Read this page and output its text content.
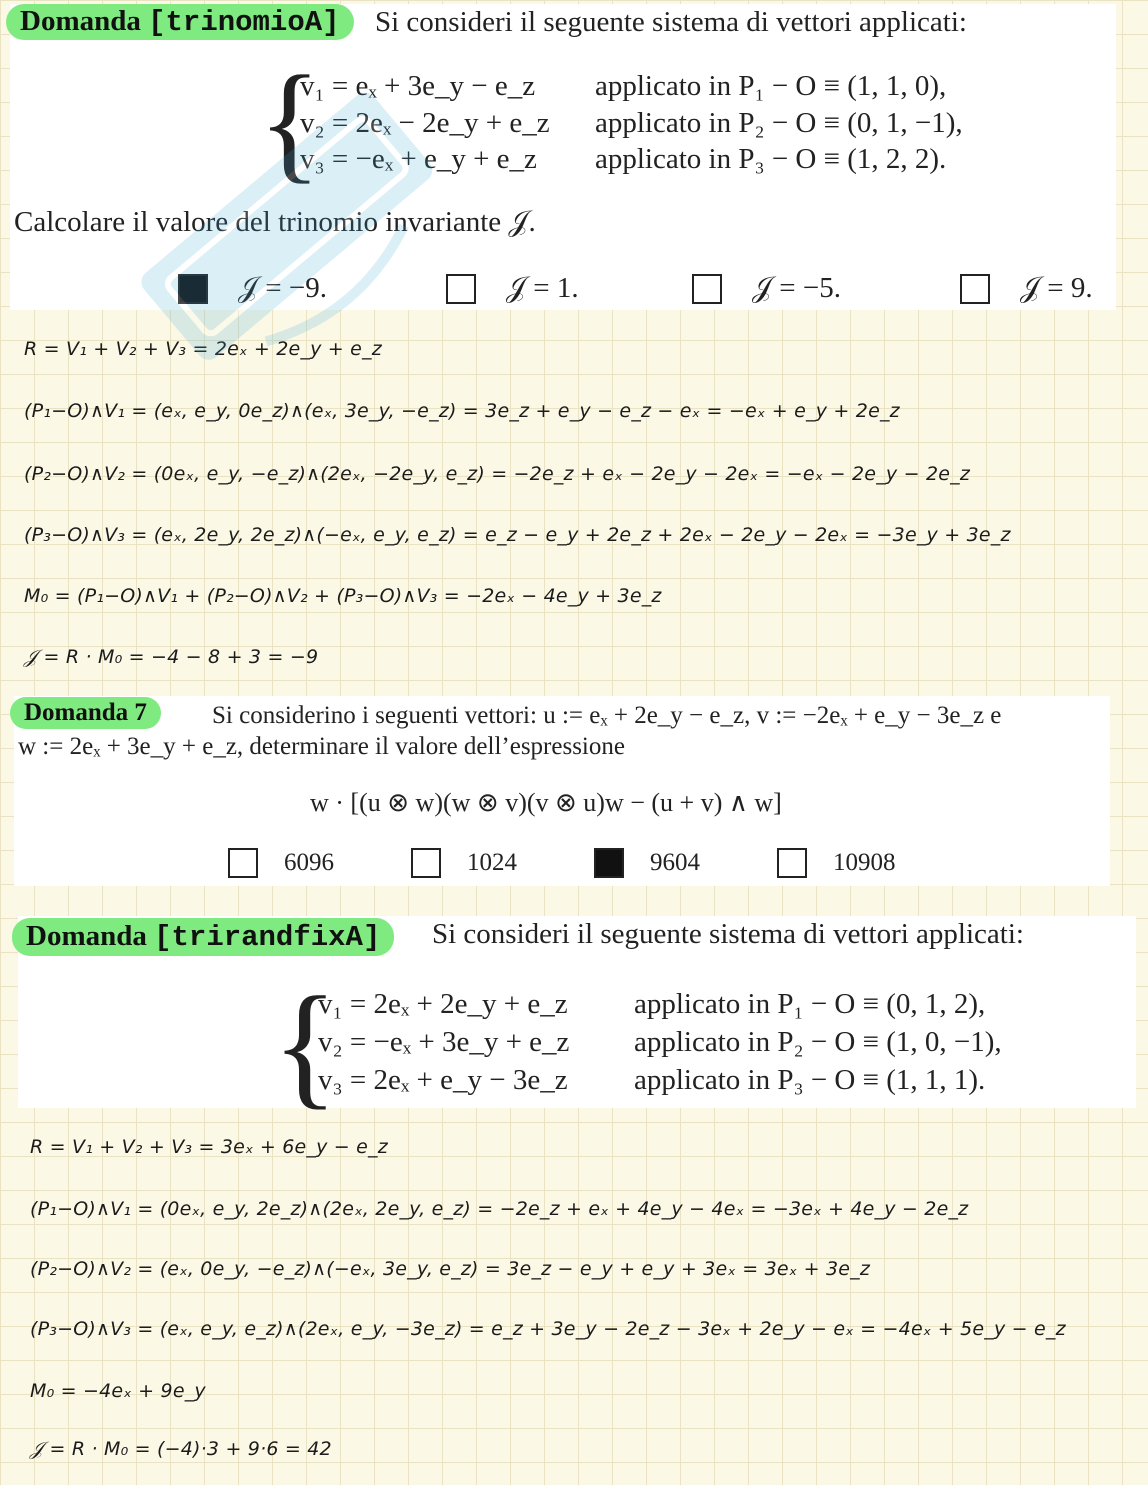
Domanda [trinomioA]	Si consideri il seguente sistema di vettori applicati:
{
v₁ = eₓ + 3e_y − e_z applicato in P₁ − O ≡ (1, 1, 0),
v₂ = 2eₓ − 2e_y + e_z applicato in P₂ − O ≡ (0, 1, −1),
v₃ = −eₓ + e_y + e_z applicato in P₃ − O ≡ (1, 2, 2).
Calcolare il valore del trinomio invariante 𝒥.
𝒥 = −9.	𝒥 = 1.	𝒥 = −5.	𝒥 = 9.
R = V₁ + V₂ + V₃ = 2eₓ + 2e_y + e_z
(P₁−O)∧V₁ = (eₓ, e_y, 0e_z)∧(eₓ, 3e_y, −e_z) = 3e_z + e_y − e_z − eₓ = −eₓ + e_y + 2e_z
(P₂−O)∧V₂ = (0eₓ, e_y, −e_z)∧(2eₓ, −2e_y, e_z) = −2e_z + eₓ − 2e_y − 2eₓ = −eₓ − 2e_y − 2e_z
(P₃−O)∧V₃ = (eₓ, 2e_y, 2e_z)∧(−eₓ, e_y, e_z) = e_z − e_y + 2e_z + 2eₓ − 2e_y − 2eₓ = −3e_y + 3e_z
M₀ = (P₁−O)∧V₁ + (P₂−O)∧V₂ + (P₃−O)∧V₃ = −2eₓ − 4e_y + 3e_z
𝒥 = R · M₀ = −4 − 8 + 3 = −9
Domanda 7	Si considerino i seguenti vettori: u := eₓ + 2e_y − e_z, v := −2eₓ + e_y − 3e_z e
w := 2eₓ + 3e_y + e_z, determinare il valore dell’espressione
w · [(u ⊗ w)(w ⊗ v)(v ⊗ u)w − (u + v) ∧ w]
6096	1024	9604	10908
Domanda [trirandfixA]	Si consideri il seguente sistema di vettori applicati:
{
v₁ = 2eₓ + 2e_y + e_z applicato in P₁ − O ≡ (0, 1, 2),
v₂ = −eₓ + 3e_y + e_z applicato in P₂ − O ≡ (1, 0, −1),
v₃ = 2eₓ + e_y − 3e_z applicato in P₃ − O ≡ (1, 1, 1).
R = V₁ + V₂ + V₃ = 3eₓ + 6e_y − e_z
(P₁−O)∧V₁ = (0eₓ, e_y, 2e_z)∧(2eₓ, 2e_y, e_z) = −2e_z + eₓ + 4e_y − 4eₓ = −3eₓ + 4e_y − 2e_z
(P₂−O)∧V₂ = (eₓ, 0e_y, −e_z)∧(−eₓ, 3e_y, e_z) = 3e_z − e_y + e_y + 3eₓ = 3eₓ + 3e_z
(P₃−O)∧V₃ = (eₓ, e_y, e_z)∧(2eₓ, e_y, −3e_z) = e_z + 3e_y − 2e_z − 3eₓ + 2e_y − eₓ = −4eₓ + 5e_y − e_z
M₀ = −4eₓ + 9e_y
𝒥 = R · M₀ = (−4)·3 + 9·6 = 42
